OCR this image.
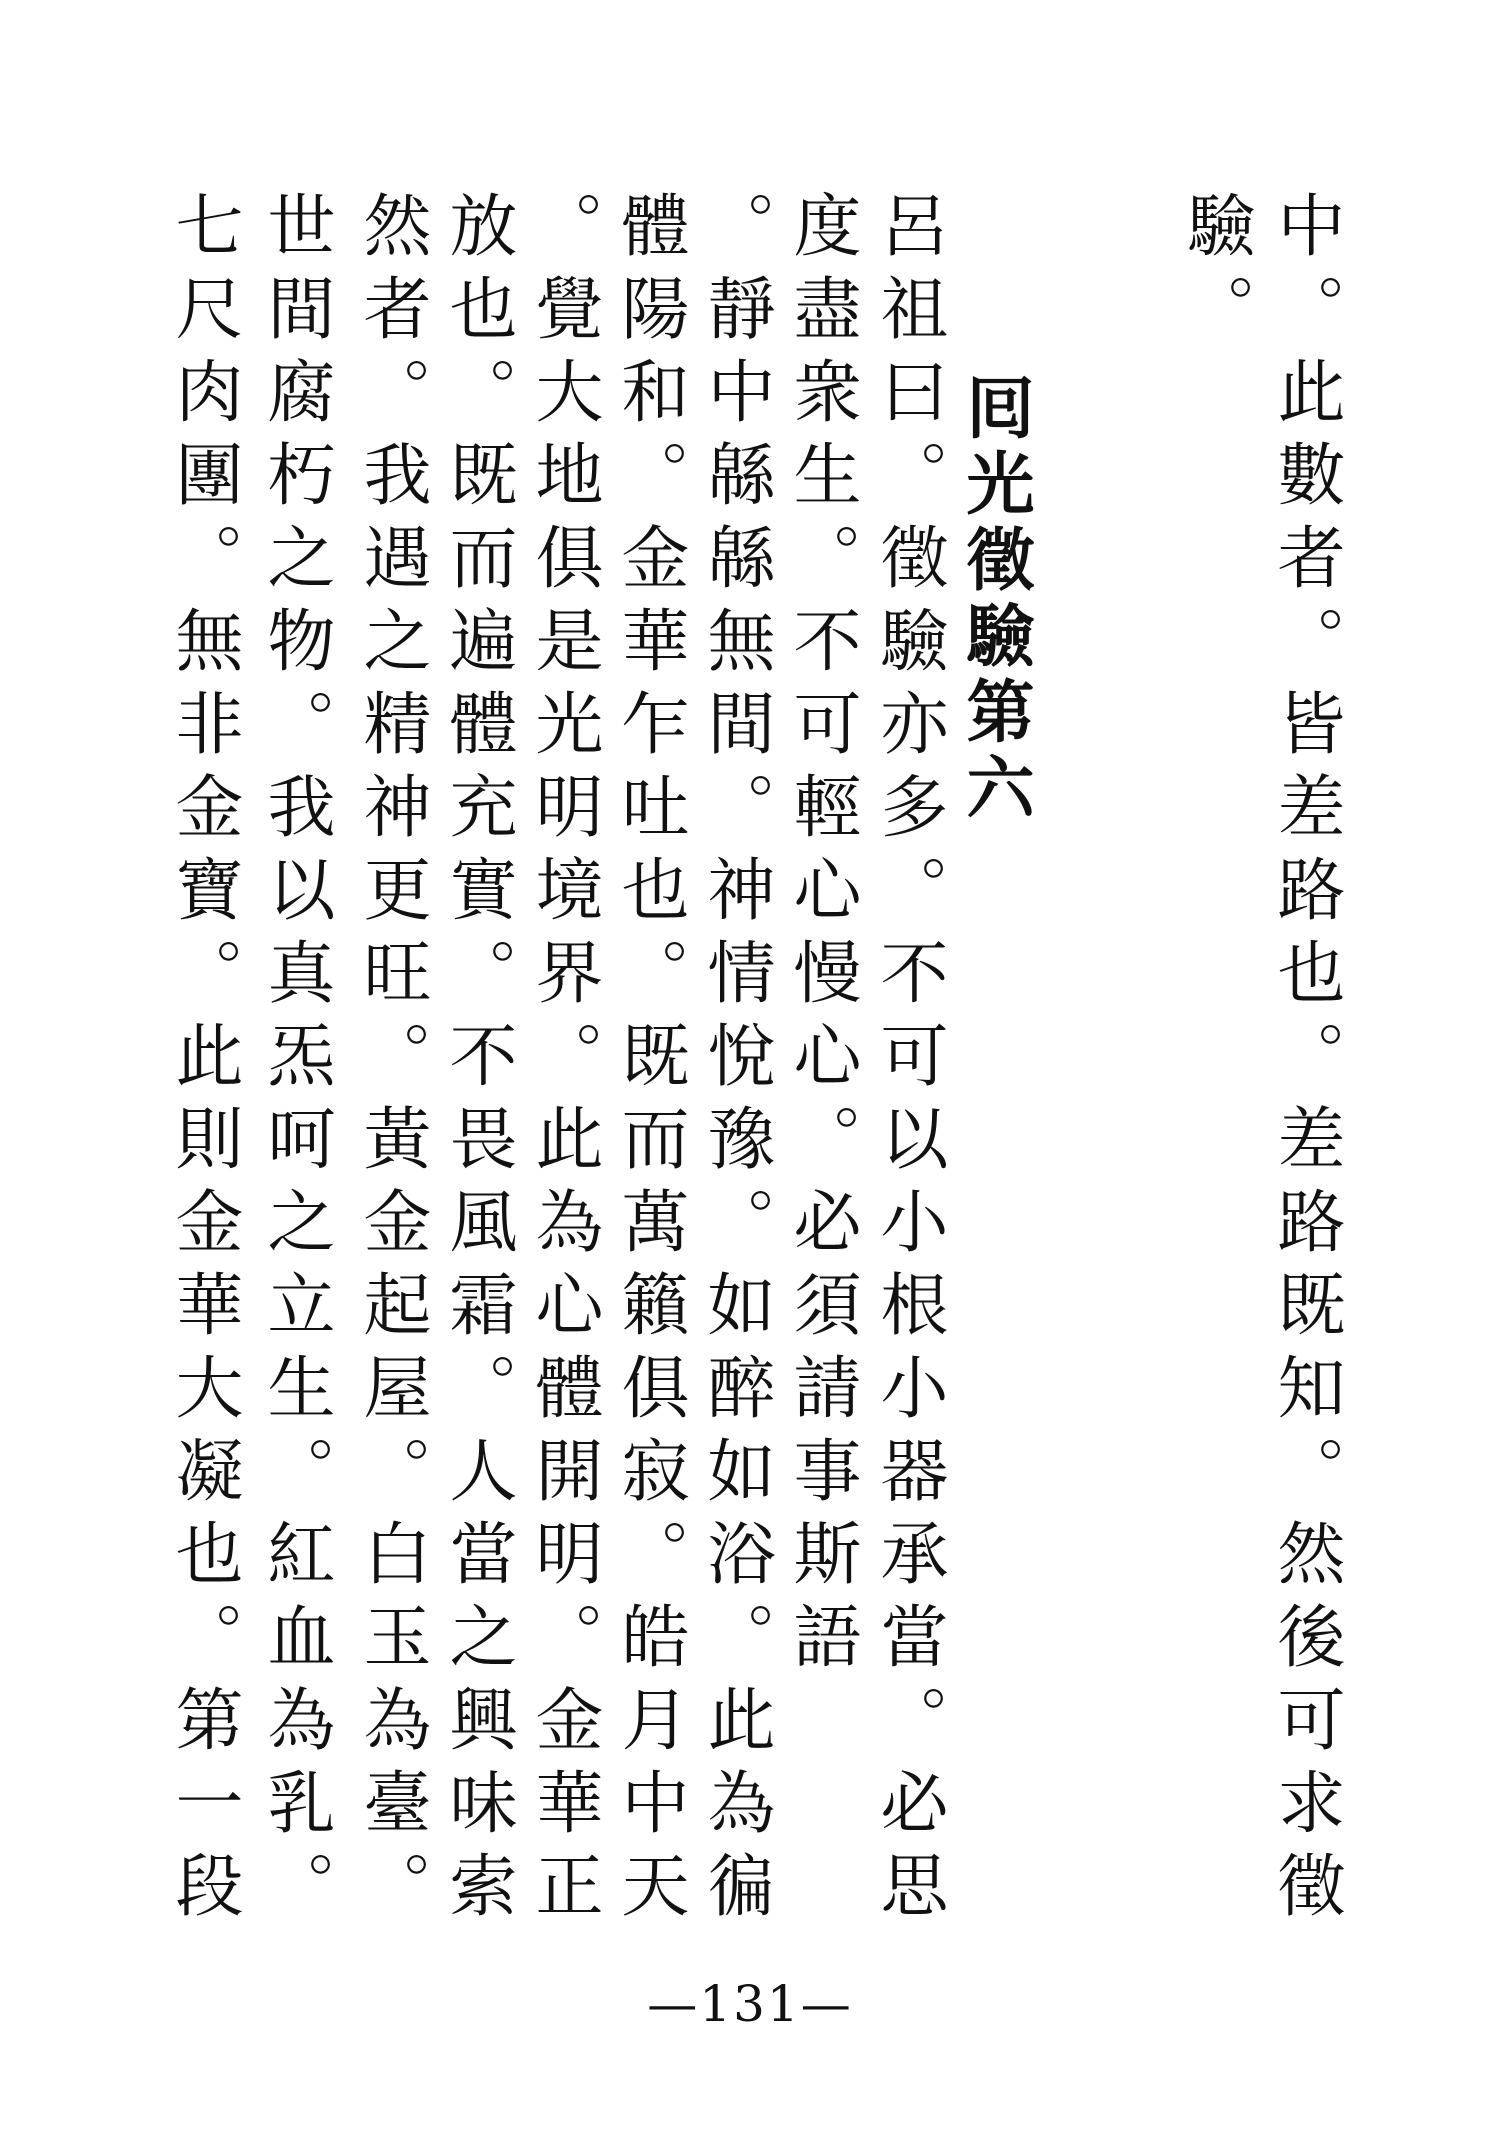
中。此數者。皆差路也。差路既知。然後可求徵
驗。
囘光徵驗第六
呂祖曰。徵驗亦多。不可以小根小器承當。必思
度盡衆生。不可輕心慢心。必須請事斯語
。靜中緜緜無間。神情悅豫。如醉如浴。此為徧
體陽和。金華乍吐也。既而萬籟俱寂。皓月中天
。覺大地俱是光明境界。此為心體開明。金華正
放也。既而遍體充實。不畏風霜。人當之興味索
然者。我遇之精神更旺。黃金起屋。白玉為臺。
世間腐朽之物。我以真炁呵之立生。紅血為乳。
七尺肉團。無非金寶。此則金華大凝也。第一段
—131—
